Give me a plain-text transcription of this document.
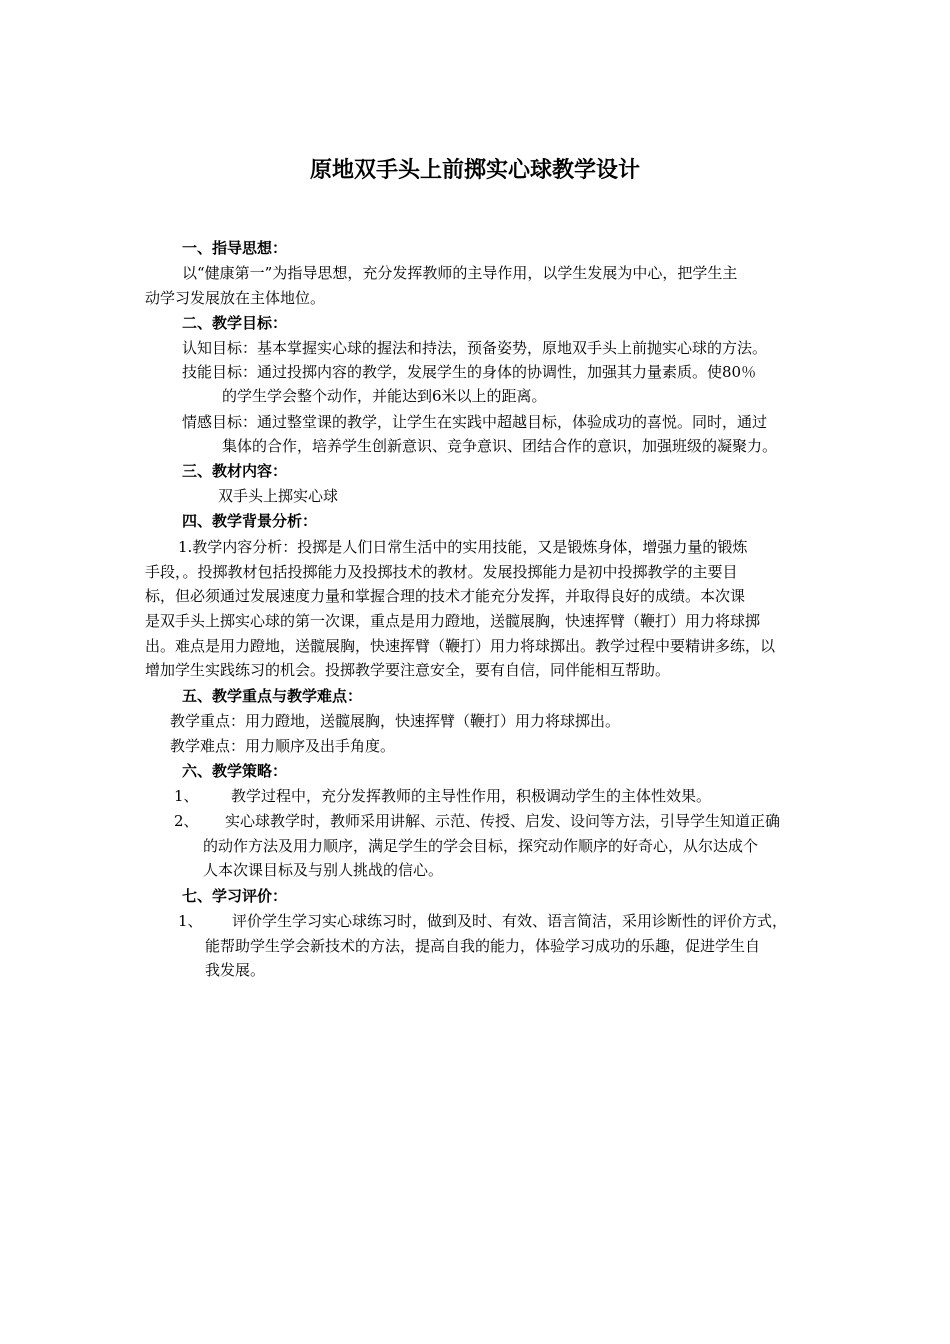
原地双手头上前掷实心球教学设计
一、指导思想：
以“健康第一”为指导思想，充分发挥教师的主导作用，以学生发展为中心，把学生主
动学习发展放在主体地位。
二、教学目标：
认知目标：基本掌握实心球的握法和持法，预备姿势，原地双手头上前抛实心球的方法。
技能目标：通过投掷内容的教学，发展学生的身体的协调性，加强其力量素质。使80％
的学生学会整个动作，并能达到6米以上的距离。
情感目标：通过整堂课的教学，让学生在实践中超越目标，体验成功的喜悦。同时，通过
集体的合作，培养学生创新意识、竞争意识、团结合作的意识，加强班级的凝聚力。
三、教材内容：
双手头上掷实心球
四、教学背景分析：
1.教学内容分析：投掷是人们日常生活中的实用技能，又是锻炼身体，增强力量的锻炼
手段，。投掷教材包括投掷能力及投掷技术的教材。发展投掷能力是初中投掷教学的主要目
标，但必须通过发展速度力量和掌握合理的技术才能充分发挥，并取得良好的成绩。本次课
是双手头上掷实心球的第一次课，重点是用力蹬地，送髋展胸，快速挥臂（鞭打）用力将球掷
出。难点是用力蹬地，送髋展胸，快速挥臂（鞭打）用力将球掷出。教学过程中要精讲多练，以
增加学生实践练习的机会。投掷教学要注意安全，要有自信，同伴能相互帮助。
五、教学重点与教学难点：
教学重点：用力蹬地，送髋展胸，快速挥臂（鞭打）用力将球掷出。
教学难点：用力顺序及出手角度。
六、教学策略：
1、 教学过程中，充分发挥教师的主导性作用，积极调动学生的主体性效果。
2、 实心球教学时，教师采用讲解、示范、传授、启发、设问等方法，引导学生知道正确
的动作方法及用力顺序，满足学生的学会目标，探究动作顺序的好奇心，从尔达成个
人本次课目标及与别人挑战的信心。
七、学习评价：
1、 评价学生学习实心球练习时，做到及时、有效、语言简洁，采用诊断性的评价方式，
能帮助学生学会新技术的方法，提高自我的能力，体验学习成功的乐趣，促进学生自
我发展。
